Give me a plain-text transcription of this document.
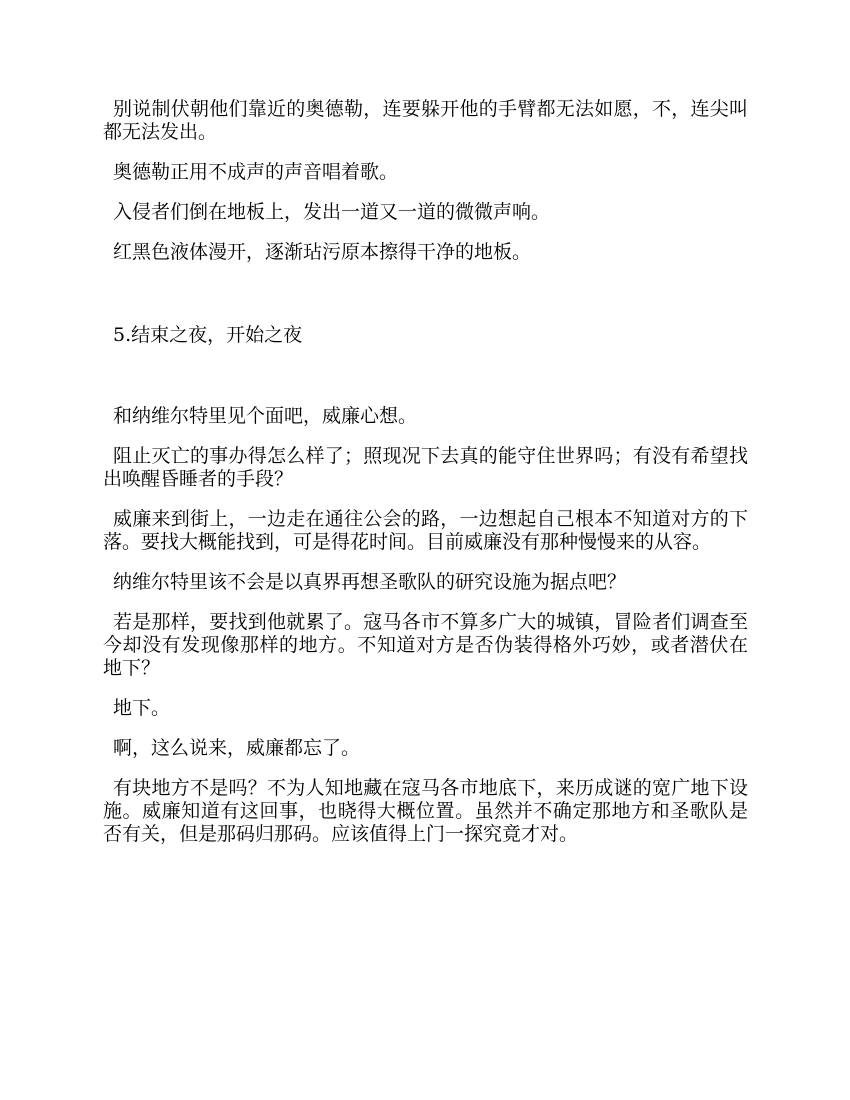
别说制伏朝他们靠近的奥德勒，连要躲开他的手臂都无法如愿，不，连尖叫都无法发出。

奥德勒正用不成声的声音唱着歌。

入侵者们倒在地板上，发出一道又一道的微微声响。

红黑色液体漫开，逐渐玷污原本擦得干净的地板。

5.结束之夜，开始之夜

和纳维尔特里见个面吧，威廉心想。

阻止灭亡的事办得怎么样了；照现况下去真的能守住世界吗；有没有希望找出唤醒昏睡者的手段？

威廉来到街上，一边走在通往公会的路，一边想起自己根本不知道对方的下落。要找大概能找到，可是得花时间。目前威廉没有那种慢慢来的从容。

纳维尔特里该不会是以真界再想圣歌队的研究设施为据点吧？

若是那样，要找到他就累了。寇马各市不算多广大的城镇，冒险者们调查至今却没有发现像那样的地方。不知道对方是否伪装得格外巧妙，或者潜伏在地下？

地下。

啊，这么说来，威廉都忘了。

有块地方不是吗？不为人知地藏在寇马各市地底下，来历成谜的宽广地下设施。威廉知道有这回事，也晓得大概位置。虽然并不确定那地方和圣歌队是否有关，但是那码归那码。应该值得上门一探究竟才对。
